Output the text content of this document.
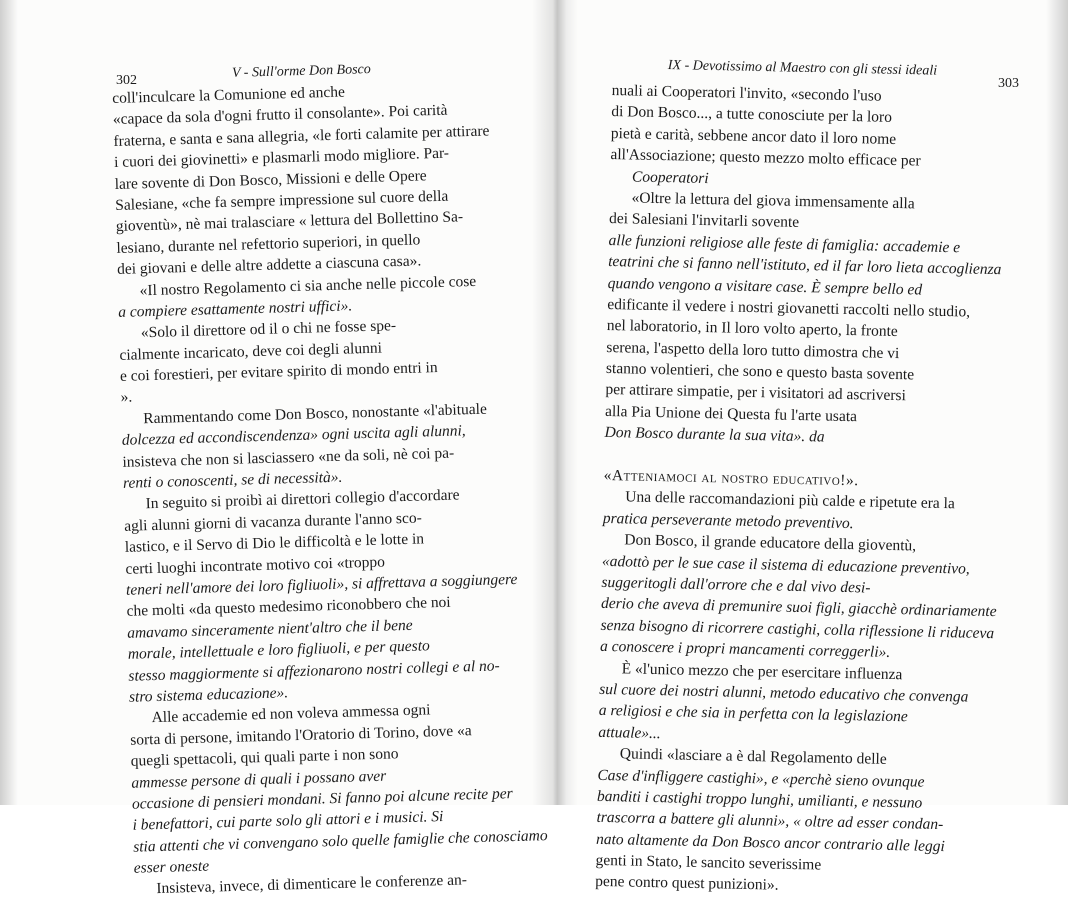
302	V - Sull'orme Don Bosco
coll'inculcare la Comunione ed anche
«capace da sola d'ogni frutto il consolante». Poi carità
fraterna, e santa e sana allegria, «le forti calamite per attirare
i cuori dei giovinetti» e plasmarli modo migliore. Par-
lare sovente di Don Bosco, Missioni e delle Opere
Salesiane, «che fa sempre impressione sul cuore della
gioventù», nè mai tralasciare « lettura del Bollettino Sa-
lesiano, durante nel refettorio superiori, in quello
dei giovani e delle altre addette a ciascuna casa».
«Il nostro Regolamento ci sia anche nelle piccole cose
a compiere esattamente nostri uffici».
«Solo il direttore od il o chi ne fosse spe-
cialmente incaricato, deve coi degli alunni
e coi forestieri, per evitare spirito di mondo entri in
».
Rammentando come Don Bosco, nonostante «l'abituale
dolcezza ed accondiscendenza» ogni uscita agli alunni,
insisteva che non si lasciassero «ne da soli, nè coi pa-
renti o conoscenti, se di necessità».
In seguito si proibì ai direttori collegio d'accordare
agli alunni giorni di vacanza durante l'anno sco-
lastico, e il Servo di Dio le difficoltà e le lotte in
certi luoghi incontrate motivo coi «troppo
teneri nell'amore dei loro figliuoli», si affrettava a soggiungere
che molti «da questo medesimo riconobbero che noi
amavamo sinceramente nient'altro che il bene
morale, intellettuale e loro figliuoli, e per questo
stesso maggiormente si affezionarono nostri collegi e al no-
stro sistema educazione».
Alle accademie ed non voleva ammessa ogni
sorta di persone, imitando l'Oratorio di Torino, dove «a
quegli spettacoli, qui quali parte i non sono
ammesse persone di quali i possano aver
occasione di pensieri mondani. Si fanno poi alcune recite per
i benefattori, cui parte solo gli attori e i musici. Si
stia attenti che vi convengano solo quelle famiglie che conosciamo
esser oneste
Insisteva, invece, di dimenticare le conferenze an-
303
IX - Devotissimo al Maestro con gli stessi ideali
nuali ai Cooperatori l'invito, «secondo l'uso
di Don Bosco..., a tutte conosciute per la loro
pietà e carità, sebbene ancor dato il loro nome
all'Associazione; questo mezzo molto efficace per
Cooperatori
«Oltre la lettura del giova immensamente alla
dei Salesiani l'invitarli sovente
alle funzioni religiose alle feste di famiglia: accademie e
teatrini che si fanno nell'istituto, ed il far loro lieta accoglienza
quando vengono a visitare case. È sempre bello ed
edificante il vedere i nostri giovanetti raccolti nello studio,
nel laboratorio, in Il loro volto aperto, la fronte
serena, l'aspetto della loro tutto dimostra che vi
stanno volentieri, che sono e questo basta sovente
per attirare simpatie, per i visitatori ad ascriversi
alla Pia Unione dei Questa fu l'arte usata
Don Bosco durante la sua vita». da
«Atteniamoci al nostro educativo!».
Una delle raccomandazioni più calde e ripetute era la
pratica perseverante metodo preventivo.
Don Bosco, il grande educatore della gioventù,
«adottò per le sue case il sistema di educazione preventivo,
suggeritogli dall'orrore che e dal vivo desi-
derio che aveva di premunire suoi figli, giacchè ordinariamente
senza bisogno di ricorrere castighi, colla riflessione li riduceva
a conoscere i propri mancamenti correggerli».
È «l'unico mezzo che per esercitare influenza
sul cuore dei nostri alunni, metodo educativo che convenga
a religiosi e che sia in perfetta con la legislazione
attuale»...
Quindi «lasciare a è dal Regolamento delle
Case d'infliggere castighi», e «perchè sieno ovunque
banditi i castighi troppo lunghi, umilianti, e nessuno
trascorra a battere gli alunni», « oltre ad esser condan-
nato altamente da Don Bosco ancor contrario alle leggi
genti in Stato, le sancito severissime
pene contro quest punizioni».
